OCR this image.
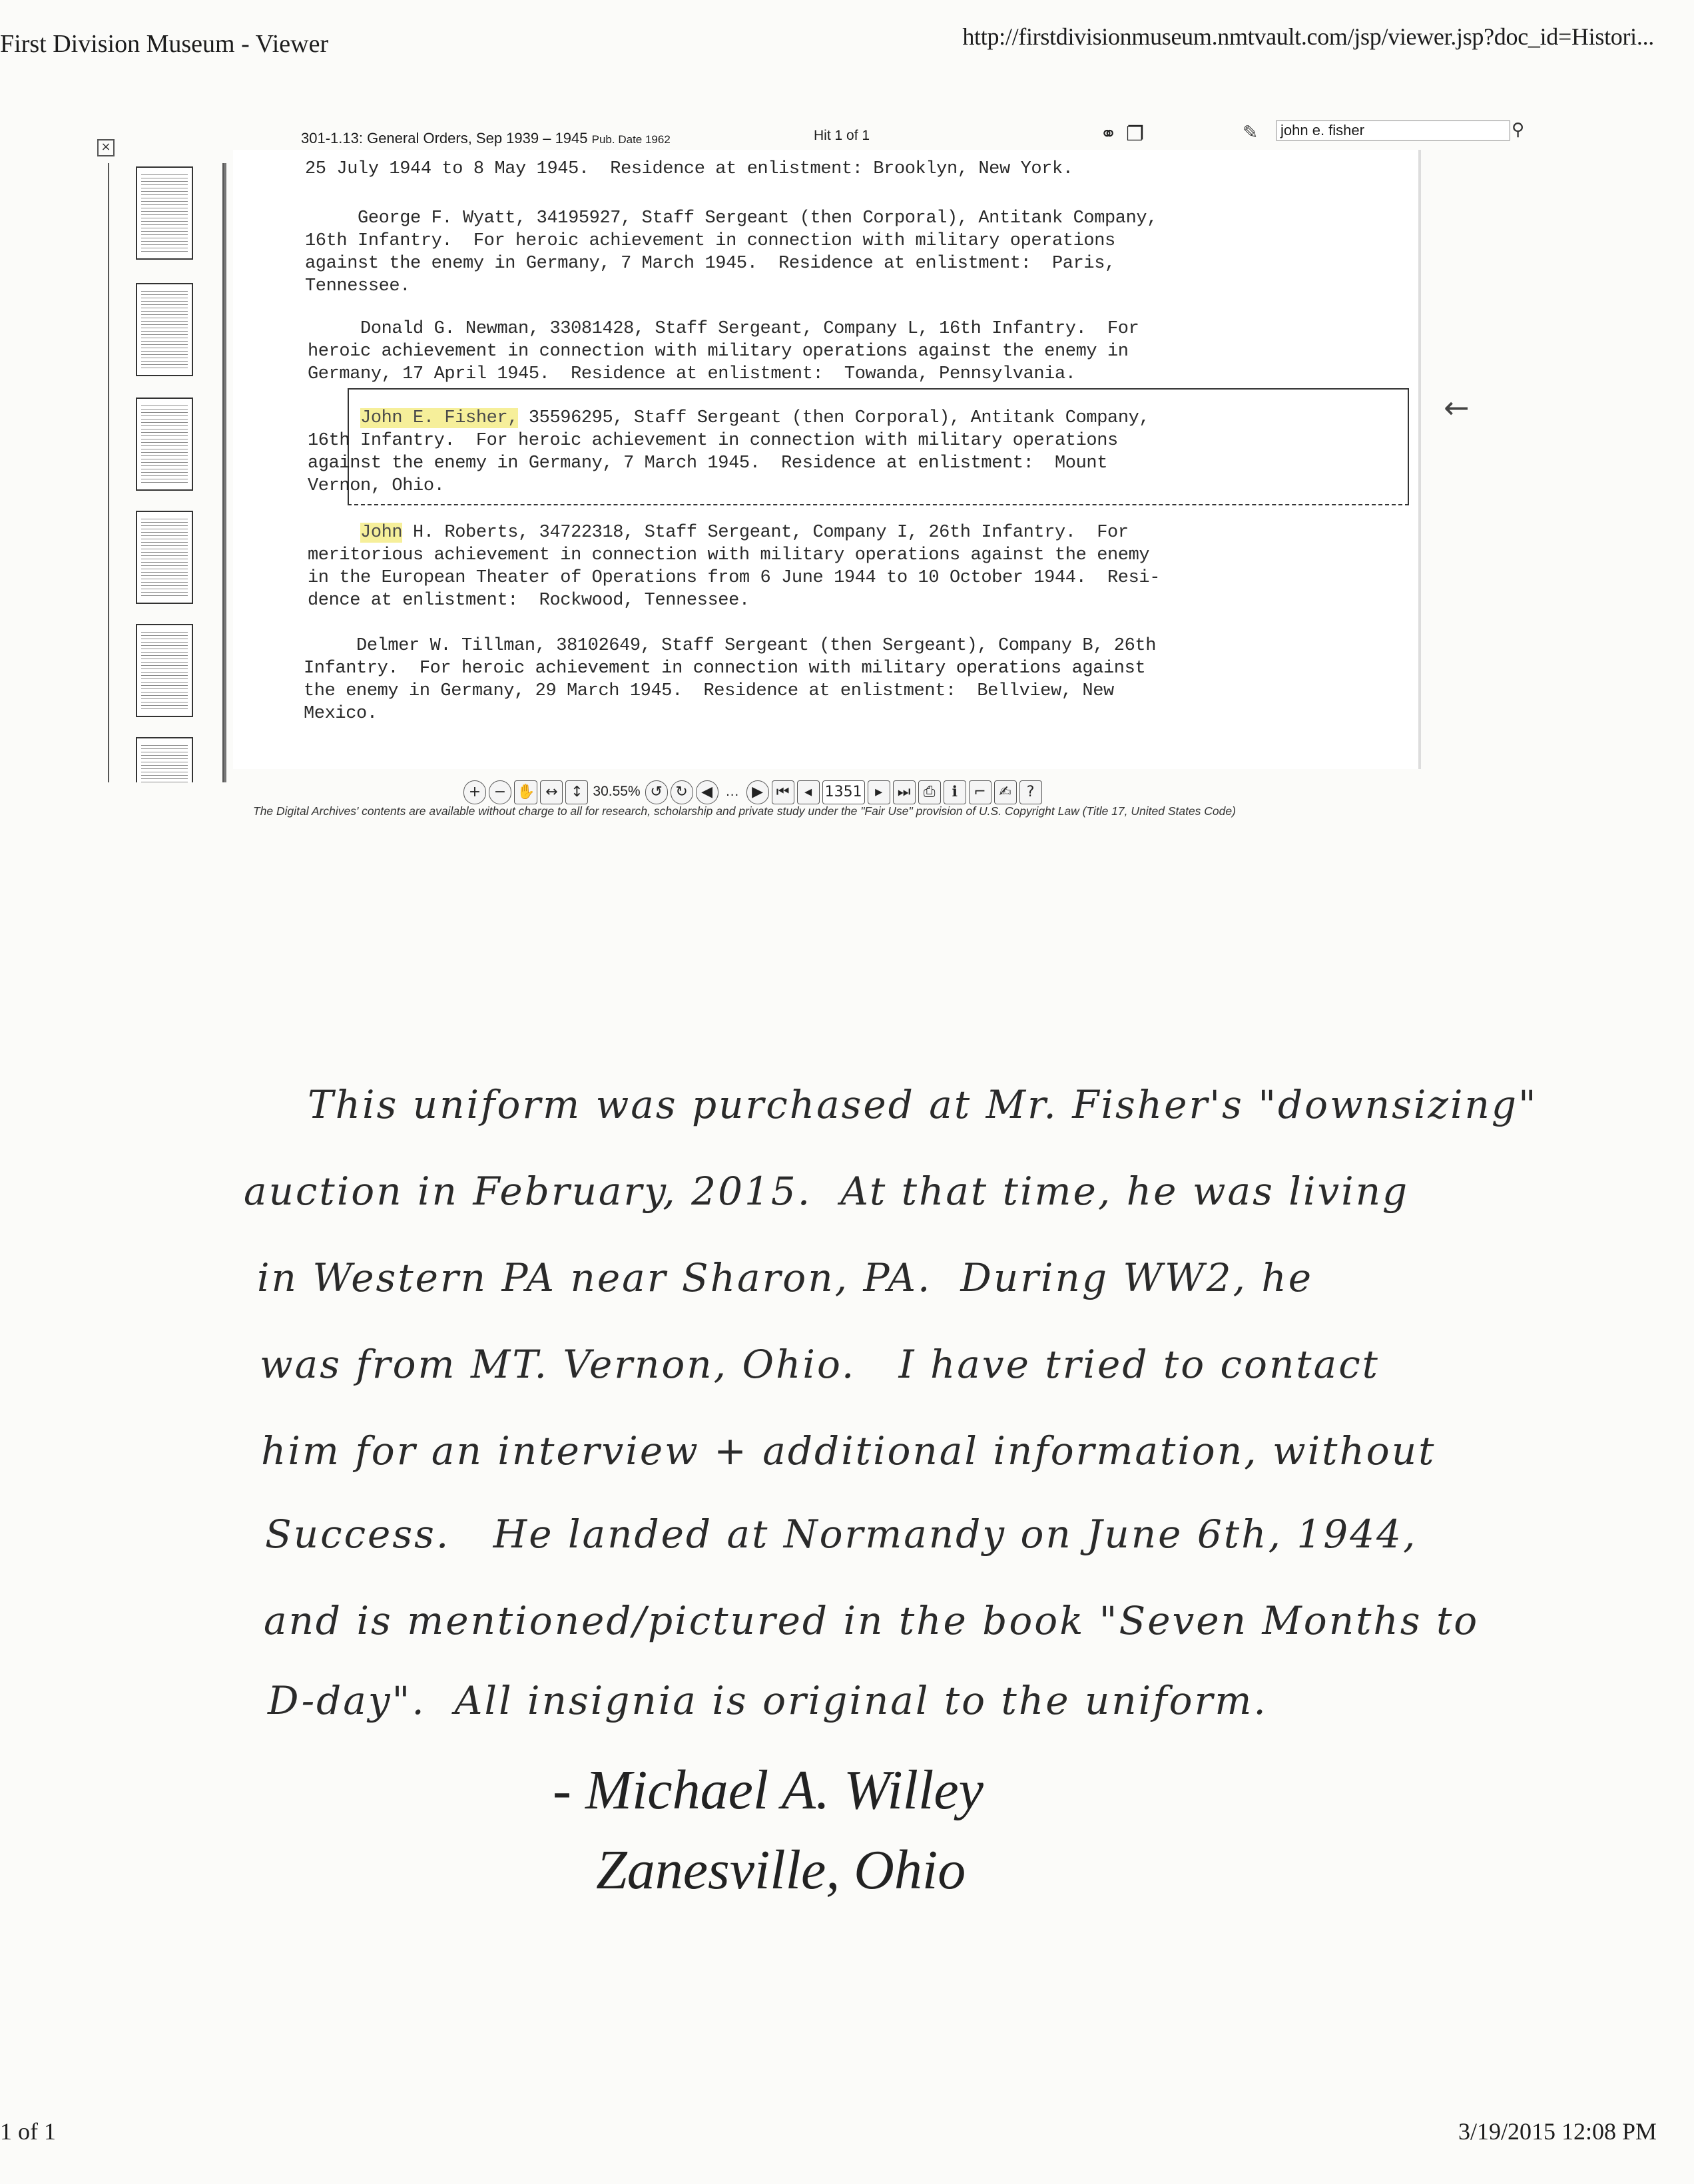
First Division Museum - Viewer	http://firstdivisionmuseum.nmtvault.com/jsp/viewer.jsp?doc_id=Histori...
1 of 1	3/19/2015 12:08 PM
×
301-1.13: General Orders, Sep 1939 – 1945 Pub. Date 1962	Hit 1 of 1	⚭ ❐	✎	john e. fisher	⚲
25 July 1944 to 8 May 1945.  Residence at enlistment: Brooklyn, New York.
George F. Wyatt, 34195927, Staff Sergeant (then Corporal), Antitank Company,
16th Infantry.  For heroic achievement in connection with military operations
against the enemy in Germany, 7 March 1945.  Residence at enlistment:  Paris,
Tennessee.
Donald G. Newman, 33081428, Staff Sergeant, Company L, 16th Infantry.  For
heroic achievement in connection with military operations against the enemy in
Germany, 17 April 1945.  Residence at enlistment:  Towanda, Pennsylvania.
John E. Fisher, 35596295, Staff Sergeant (then Corporal), Antitank Company,
16th Infantry.  For heroic achievement in connection with military operations
against the enemy in Germany, 7 March 1945.  Residence at enlistment:  Mount
Vernon, Ohio.
John H. Roberts, 34722318, Staff Sergeant, Company I, 26th Infantry.  For
meritorious achievement in connection with military operations against the enemy
in the European Theater of Operations from 6 June 1944 to 10 October 1944.  Resi-
dence at enlistment:  Rockwood, Tennessee.
Delmer W. Tillman, 38102649, Staff Sergeant (then Sergeant), Company B, 26th
Infantry.  For heroic achievement in connection with military operations against
the enemy in Germany, 29 March 1945.  Residence at enlistment:  Bellview, New
Mexico.
←
+ − ✋ ↔ ↕ 30.55% ↺ ↻ ◀ … ▶ ⏮	◂ 1351 ▸	⏭ ⎙	ℹ	⌐ ✍	?
The Digital Archives' contents are available without charge to all for research, scholarship and private study under the "Fair Use" provision of U.S. Copyright Law (Title 17, United States Code)
This uniform was purchased at Mr. Fisher's "downsizing"
auction in February, 2015.  At that time, he was living
in Western PA near Sharon, PA.  During WW2, he
was from MT. Vernon, Ohio.   I have tried to contact
him for an interview + additional information, without
Success.   He landed at Normandy on June 6th, 1944,
and is mentioned/pictured in the book "Seven Months to
D-day".  All insignia is original to the uniform.
- Michael A. Willey
Zanesville, Ohio
